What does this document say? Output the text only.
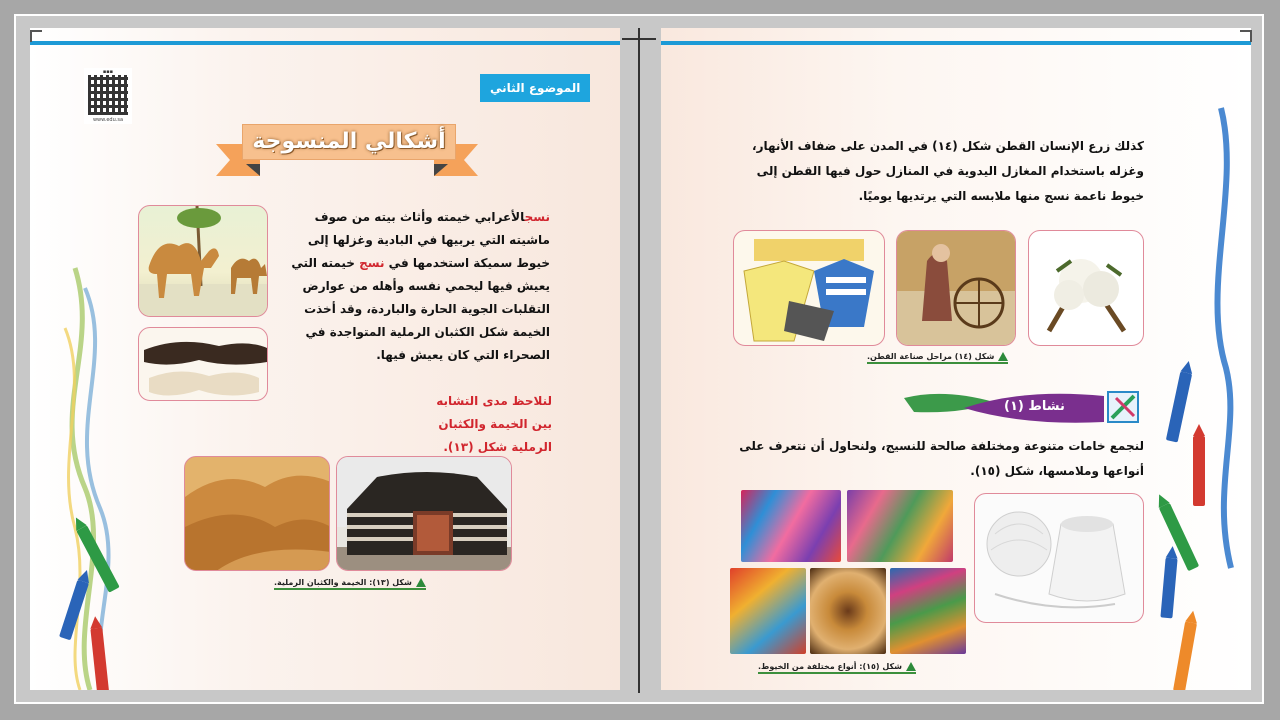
الموضوع الثاني
▪▪▪
www.edu.sa
أشكالي المنسوجة

نسجالأعرابي خيمته وأثاث بيته من صوف ماشيته التي يربيها في البادية وغزلها إلى خيوط سميكة استخدمها في نسج خيمته التي يعيش فيها ليحمي نفسه وأهله من عوارض التقلبات الجوية الحارة والباردة، وقد أخذت الخيمة شكل الكثبان الرملية المتواجدة في الصحراء التي كان يعيش فيها.

لنلاحظ مدى التشابه بين الخيمة والكثبان الرملية شكل (١٣).

شكل (١٣): الخيمة والكثبان الرملية.

كذلك زرع الإنسان القطن شكل (١٤) في المدن على ضفاف الأنهار، وغزله باستخدام المغازل اليدوية في المنازل حول فيها القطن إلى خيوط ناعمة نسج منها ملابسه التي يرتديها يوميًا.

شكل (١٤) مراحل صناعة القطن.
نشاط (١)

لنجمع خامات متنوعة ومختلفة صالحة للنسيج، ولنحاول أن نتعرف على أنواعها وملامسها، شكل (١٥).

شكل (١٥): أنواع مختلفة من الخيوط.
